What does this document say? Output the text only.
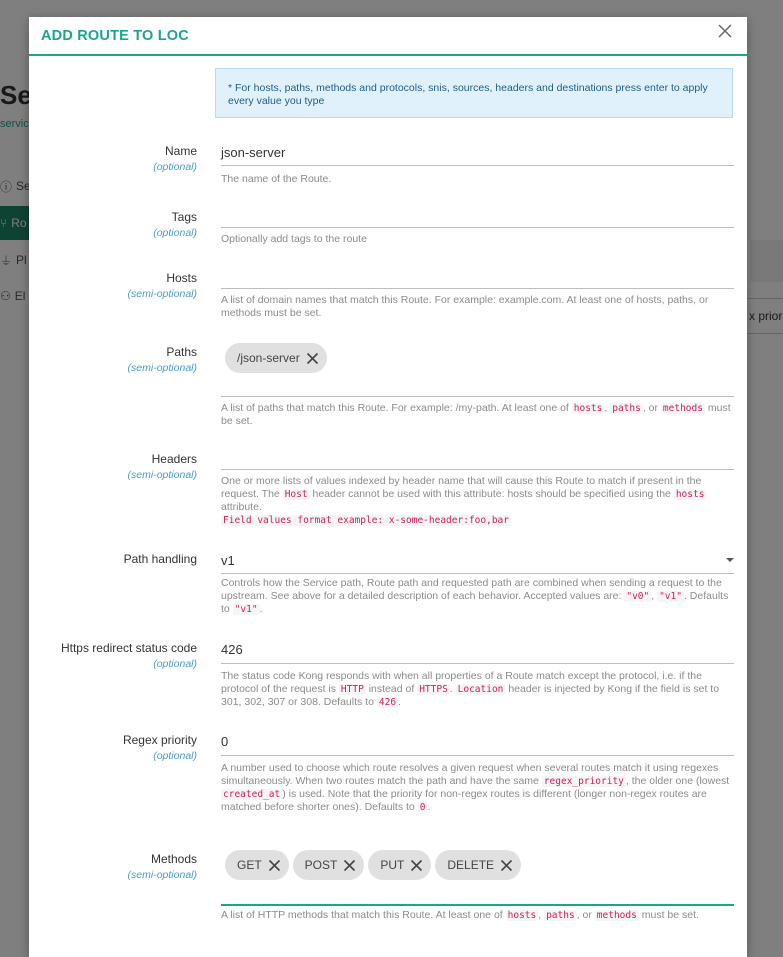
ADD ROUTE TO LOC
* For hosts, paths, methods and protocols, snis, sources, headers and destinations press enter to apply every value you type
Name
(optional)
json-server
The name of the Route.
Tags
(optional) Optionally add tags to the route
Hosts
(semi-optional) A list of domain names that match this Route. For example: example.com. At least one of hosts, paths, or methods must be set.
Paths
(semi-optional)
/json-server
A list of paths that match this Route. For example: /my-path. At least one of hosts , paths , or methods must be set.
Headers
(semi-optional) One or more lists of values indexed by header name that will cause this Route to match if present in the request. The Host header cannot be used with this attribute: hosts should be specified using the hosts attribute.
Field values format example: x-some-header:foo,bar
Path handling v1
Controls how the Service path, Route path and requested path are combined when sending a request to the upstream. See above for a detailed description of each behavior. Accepted values are: "v0" , "v1" . Defaults to "v1" .
Https redirect status code
(optional)
426
The status code Kong responds with when all properties of a Route match except the protocol, i.e. if the protocol of the request is HTTP instead of HTTPS . Location header is injected by Kong if the field is set to 301, 302, 307 or 308. Defaults to 426 .
Regex priority
(optional)
0
A number used to choose which route resolves a given request when several routes match it using regexes simultaneously. When two routes match the path and have the same regex_priority , the older one (lowest created_at ) is used. Note that the priority for non-regex routes is different (longer non-regex routes are matched before shorter ones). Defaults to 0 .
Methods
(semi-optional)
GET	POST	PUT	DELETE
A list of HTTP methods that match this Route. At least one of hosts , paths , or methods must be set.
